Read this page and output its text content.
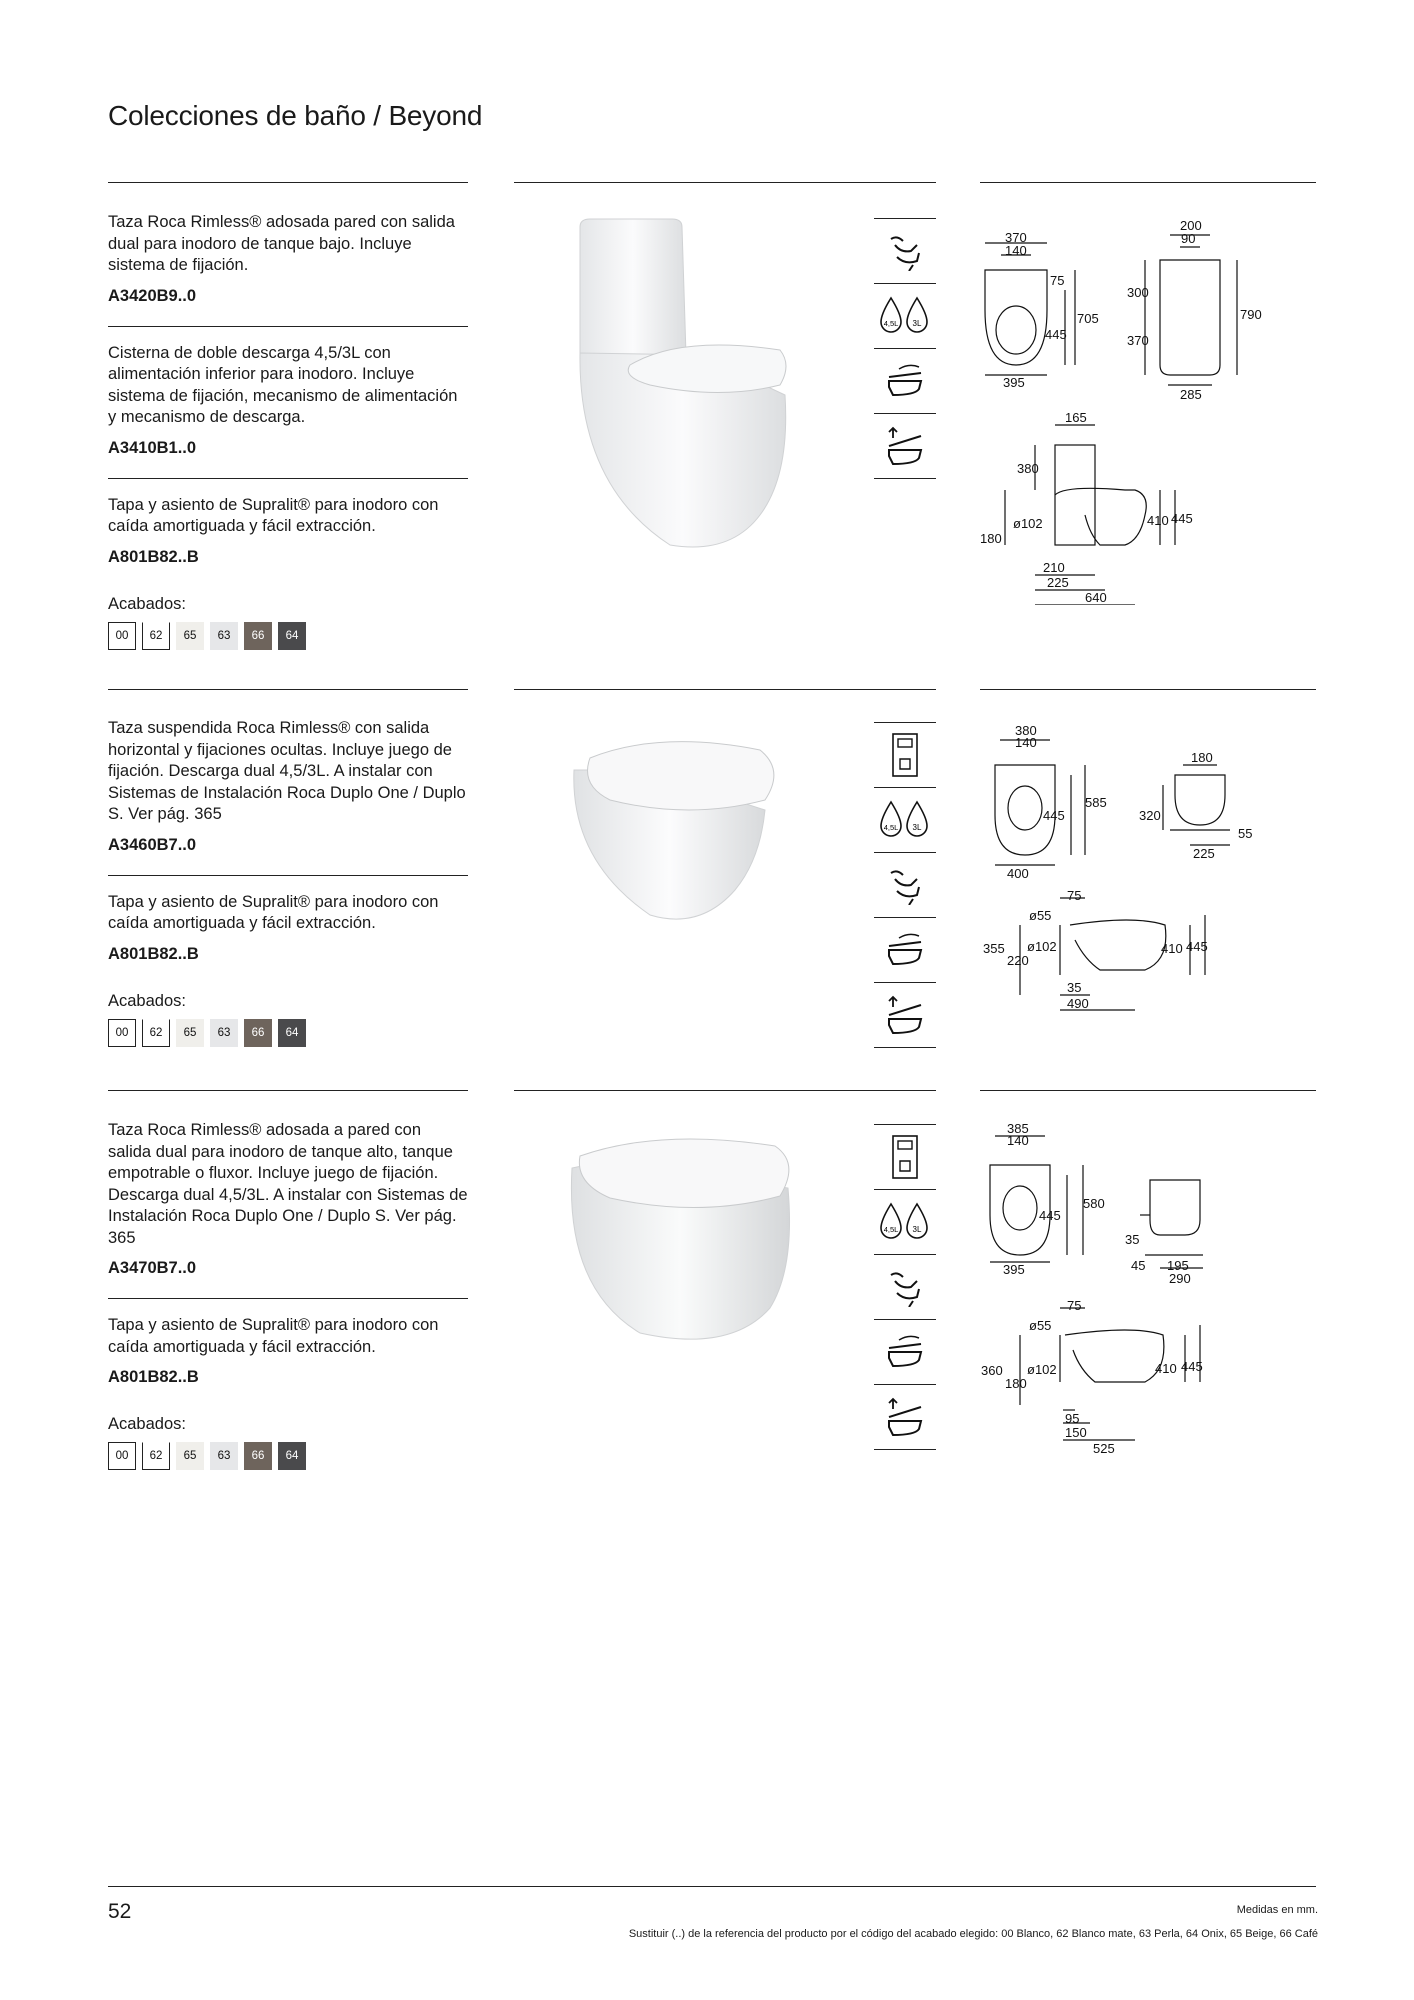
Colecciones de baño / Beyond

Taza Roca Rimless® adosada pared con salida dual para inodoro de tanque bajo. Incluye sistema de fijación.

A3420B9..0

Cisterna de doble descarga 4,5/3L con alimentación inferior para inodoro. Incluye sistema de fijación, mecanismo de alimentación y mecanismo de descarga.

A3410B1..0

Tapa y asiento de Supralit® para inodoro con caída amortiguada y fácil extracción.

A801B82..B

Acabados:

00	62	65	63	66	64

Taza suspendida Roca Rimless® con salida horizontal y fijaciones ocultas. Incluye juego de fijación. Descarga dual 4,5/3L. A instalar con Sistemas de Instalación Roca Duplo One / Duplo S. Ver pág. 365

A3460B7..0

Tapa y asiento de Supralit® para inodoro con caída amortiguada y fácil extracción.

A801B82..B

Acabados:

00	62	65	63	66	64

Taza Roca Rimless® adosada a pared con salida dual para inodoro de tanque alto, tanque empotrable o fluxor. Incluye juego de fijación. Descarga dual 4,5/3L. A instalar con Sistemas de Instalación Roca Duplo One / Duplo S. Ver pág. 365

A3470B7..0

Tapa y asiento de Supralit® para inodoro con caída amortiguada y fácil extracción.

A801B82..B

Acabados:

00	62	65	63	66	64
4,5L 3L
4,5L 3L
4,5L 3L
370
140
75
705
445
395
200
90
300
370
790
285
165
380
410 445
ø102
180
210
225
640
380
140
445
585
400
180
320
55
225
75
ø55
355
220
ø102	410 445
35
490
385
140
445
580
395
35
45 195
290
75
ø55
360
180
ø102	410 445
95
150
525
52	Medidas en mm.
Sustituir (..) de la referencia del producto por el código del acabado elegido: 00 Blanco, 62 Blanco mate, 63 Perla, 64 Onix, 65 Beige, 66 Café
